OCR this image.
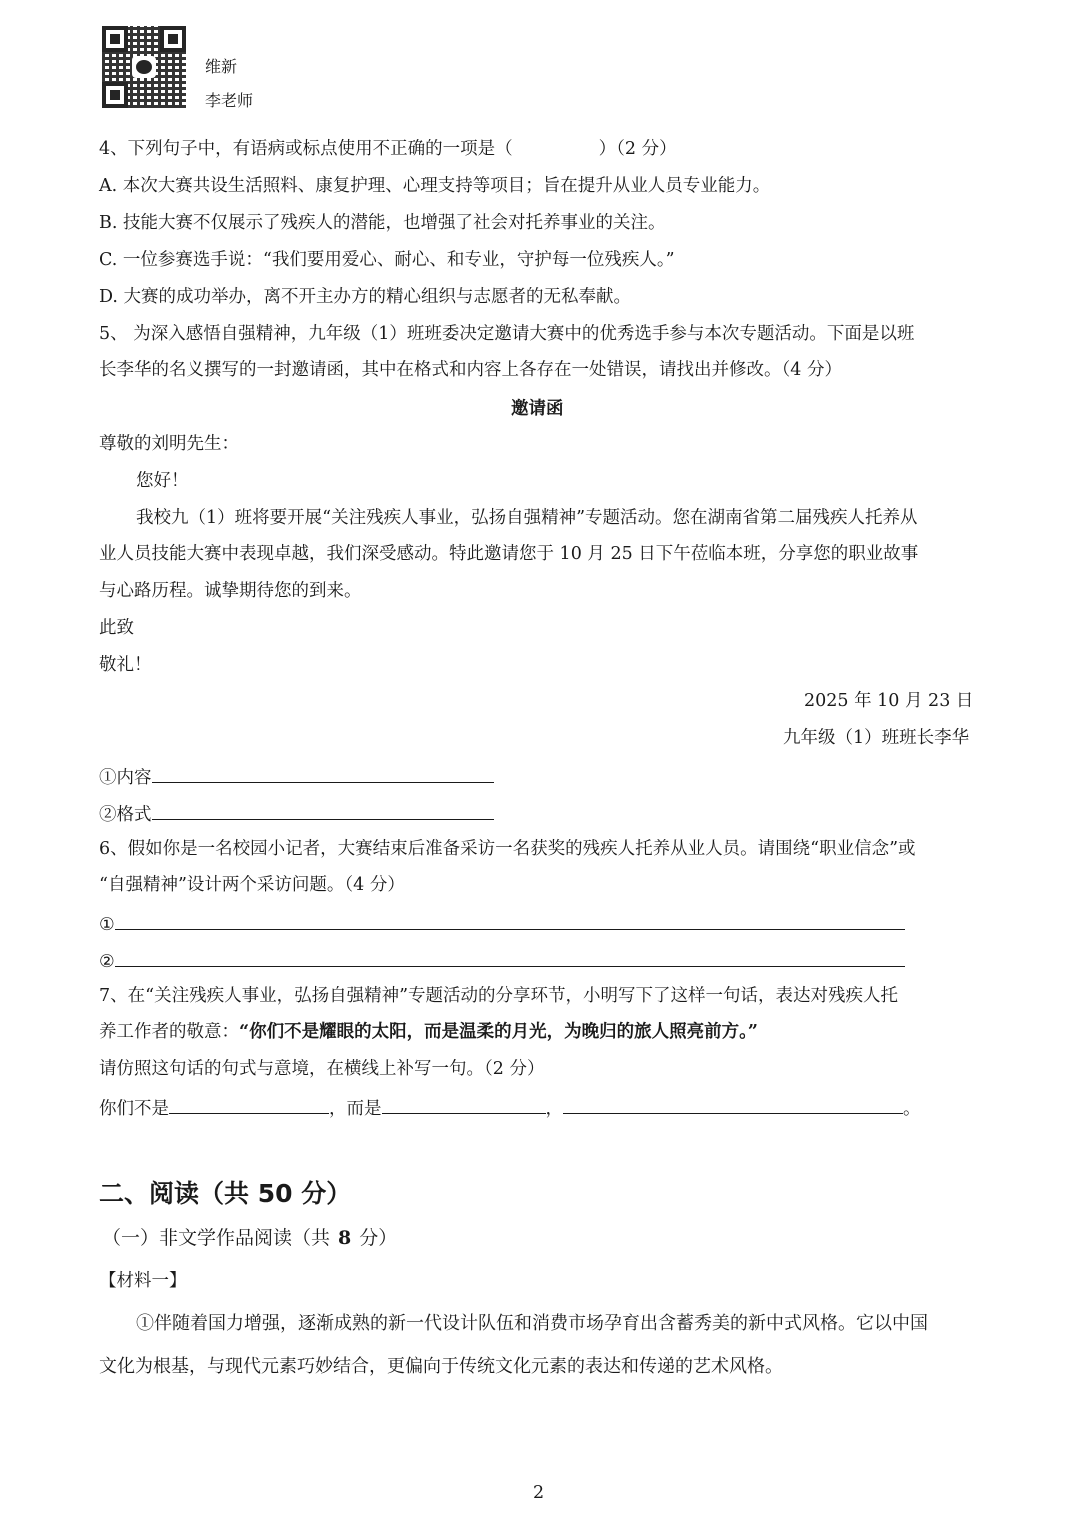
维新
李老师
4、下列句子中，有语病或标点使用不正确的一项是（	）（2 分）
A. 本次大赛共设生活照料、康复护理、心理支持等项目；旨在提升从业人员专业能力。
B. 技能大赛不仅展示了残疾人的潜能，也增强了社会对托养事业的关注。
C. 一位参赛选手说：“我们要用爱心、耐心、和专业，守护每一位残疾人。”
D. 大赛的成功举办，离不开主办方的精心组织与志愿者的无私奉献。
5、 为深入感悟自强精神，九年级（1）班班委决定邀请大赛中的优秀选手参与本次专题活动。下面是以班
长李华的名义撰写的一封邀请函，其中在格式和内容上各存在一处错误，请找出并修改。（4 分）
邀请函
尊敬的刘明先生：
您好！
我校九（1）班将要开展“关注残疾人事业，弘扬自强精神”专题活动。您在湖南省第二届残疾人托养从
业人员技能大赛中表现卓越，我们深受感动。特此邀请您于 10 月 25 日下午莅临本班，分享您的职业故事
与心路历程。诚挚期待您的到来。
此致
敬礼！
2025 年 10 月 23 日
九年级（1）班班长李华
①内容
②格式
6、假如你是一名校园小记者，大赛结束后准备采访一名获奖的残疾人托养从业人员。请围绕“职业信念”或
“自强精神”设计两个采访问题。（4 分）
①
②
7、在“关注残疾人事业，弘扬自强精神”专题活动的分享环节，小明写下了这样一句话，表达对残疾人托
养工作者的敬意：“你们不是耀眼的太阳，而是温柔的月光，为晚归的旅人照亮前方。”
请仿照这句话的句式与意境，在横线上补写一句。（2 分）
你们不是	，而是	，	。
二、阅读（共 50 分）
（一）非文学作品阅读（共 8 分）
【材料一】
①伴随着国力增强，逐渐成熟的新一代设计队伍和消费市场孕育出含蓄秀美的新中式风格。它以中国
文化为根基，与现代元素巧妙结合，更偏向于传统文化元素的表达和传递的艺术风格。
2
